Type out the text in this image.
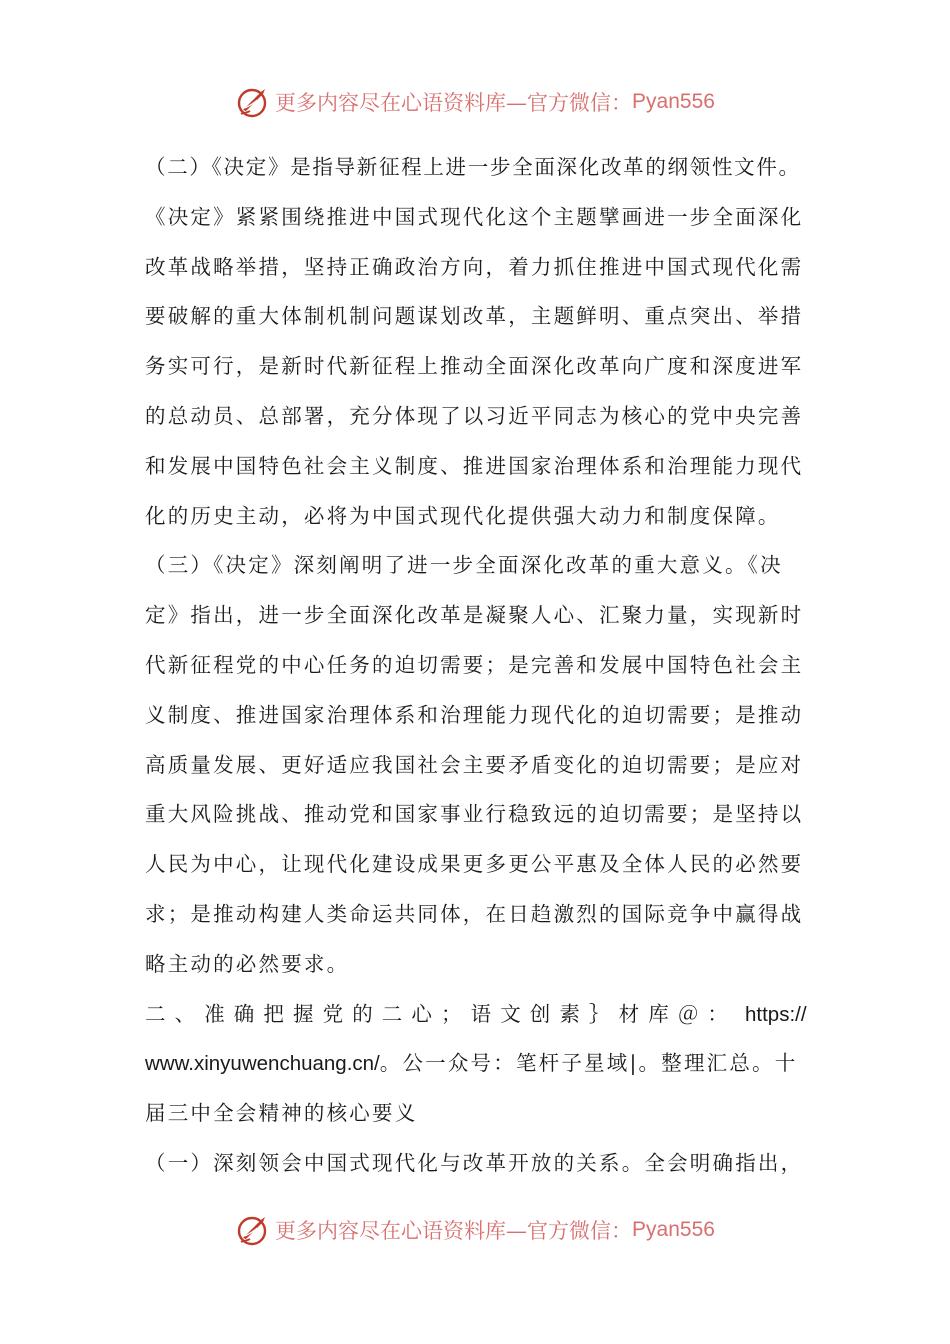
更多内容尽在心语资料库—官方微信： Pyan556
（二）《决定》是指导新征程上进一步全面深化改革的纲领性文件。
《决定》紧紧围绕推进中国式现代化这个主题擘画进一步全面深化
改革战略举措，坚持正确政治方向，着力抓住推进中国式现代化需
要破解的重大体制机制问题谋划改革，主题鲜明、重点突出、举措
务实可行，是新时代新征程上推动全面深化改革向广度和深度进军
的总动员、总部署，充分体现了以习近平同志为核心的党中央完善
和发展中国特色社会主义制度、推进国家治理体系和治理能力现代
化的历史主动，必将为中国式现代化提供强大动力和制度保障。
（三）《决定》深刻阐明了进一步全面深化改革的重大意义。《决
定》指出，进一步全面深化改革是凝聚人心、汇聚力量，实现新时
代新征程党的中心任务的迫切需要；是完善和发展中国特色社会主
义制度、推进国家治理体系和治理能力现代化的迫切需要；是推动
高质量发展、更好适应我国社会主要矛盾变化的迫切需要；是应对
重大风险挑战、推动党和国家事业行稳致远的迫切需要；是坚持以
人民为中心，让现代化建设成果更多更公平惠及全体人民的必然要
求；是推动构建人类命运共同体，在日趋激烈的国际竞争中赢得战
略主动的必然要求。
二、准确把握党的二心；语文创素｝材库＠： https://
www.xinyuwenchuang.cn/。公一众号：笔杆子星域|。整理汇总。十
届三中全会精神的核心要义
（一）深刻领会中国式现代化与改革开放的关系。全会明确指出，
更多内容尽在心语资料库—官方微信： Pyan556
